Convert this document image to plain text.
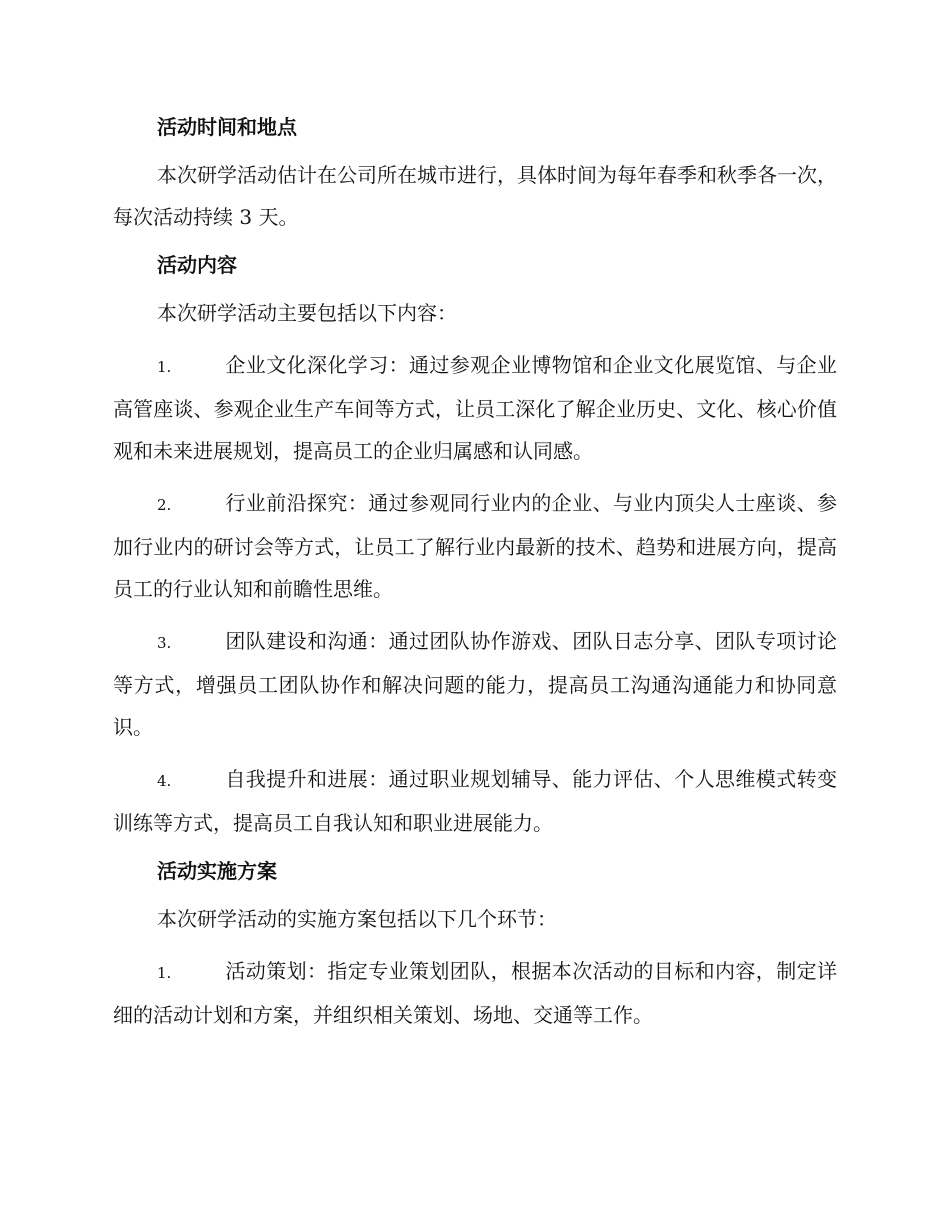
活动时间和地点
本次研学活动估计在公司所在城市进行，具体时间为每年春季和秋季各一次，每次活动持续 3 天。
活动内容
本次研学活动主要包括以下内容：
1.	企业文化深化学习：通过参观企业博物馆和企业文化展览馆、与企业高管座谈、参观企业生产车间等方式，让员工深化了解企业历史、文化、核心价值观和未来进展规划，提高员工的企业归属感和认同感。
2.	行业前沿探究：通过参观同行业内的企业、与业内顶尖人士座谈、参加行业内的研讨会等方式，让员工了解行业内最新的技术、趋势和进展方向，提高员工的行业认知和前瞻性思维。
3.	团队建设和沟通：通过团队协作游戏、团队日志分享、团队专项讨论等方式，增强员工团队协作和解决问题的能力，提高员工沟通沟通能力和协同意识。
4.	自我提升和进展：通过职业规划辅导、能力评估、个人思维模式转变训练等方式，提高员工自我认知和职业进展能力。
活动实施方案
本次研学活动的实施方案包括以下几个环节：
1.	活动策划：指定专业策划团队，根据本次活动的目标和内容，制定详细的活动计划和方案，并组织相关策划、场地、交通等工作。
